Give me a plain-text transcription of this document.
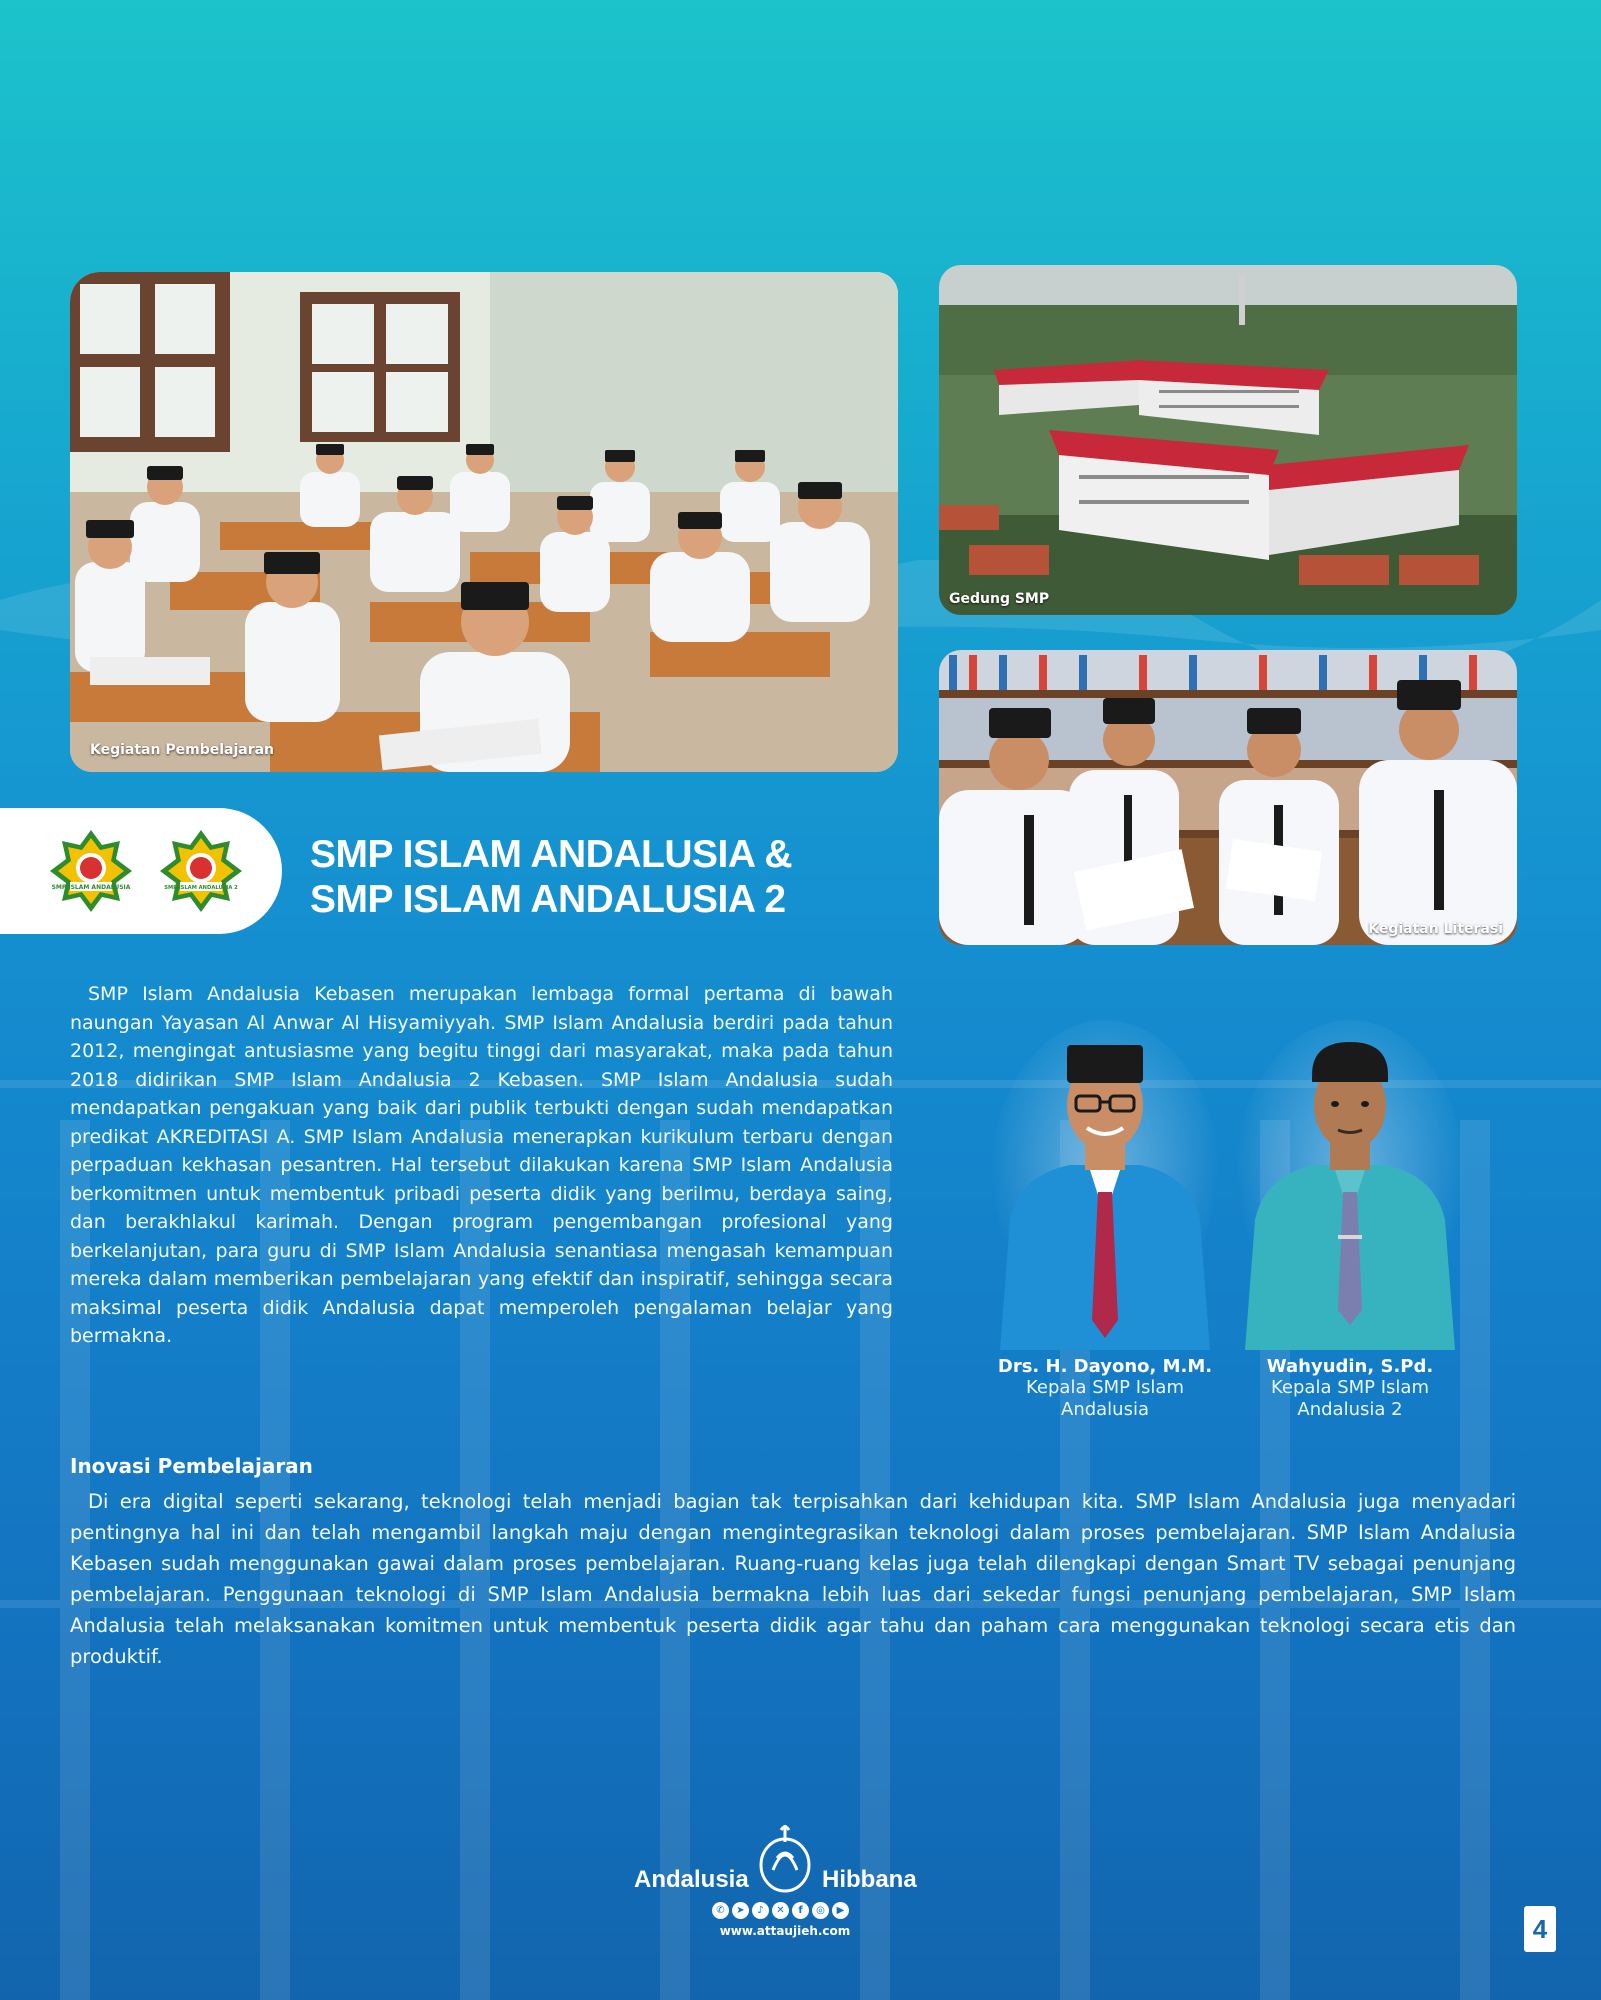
Kegiatan Pembelajaran
Gedung SMP
Kegiatan Literasi
SMP ISLAM ANDALUSIA	SMP ISLAM ANDALUSIA 2
SMP ISLAM ANDALUSIA &
SMP ISLAM ANDALUSIA 2

SMP Islam Andalusia Kebasen merupakan lembaga formal pertama di bawah naungan Yayasan Al Anwar Al Hisyamiyyah. SMP Islam Andalusia berdiri pada tahun 2012, mengingat antusiasme yang begitu tinggi dari masyarakat, maka pada tahun 2018 didirikan SMP Islam Andalusia 2 Kebasen. SMP Islam Andalusia sudah mendapatkan pengakuan yang baik dari publik terbukti dengan sudah mendapatkan predikat AKREDITASI A. SMP Islam Andalusia menerapkan kurikulum terbaru dengan perpaduan kekhasan pesantren. Hal tersebut dilakukan karena SMP Islam Andalusia berkomitmen untuk membentuk pribadi peserta didik yang berilmu, berdaya saing, dan berakhlakul karimah. Dengan program pengembangan profesional yang berkelanjutan, para guru di SMP Islam Andalusia senantiasa mengasah kemampuan mereka dalam memberikan pembelajaran yang efektif dan inspiratif, sehingga secara maksimal peserta didik Andalusia dapat memperoleh pengalaman belajar yang bermakna.

Drs. H. Dayono, M.M.
Kepala SMP Islam
Andalusia
Wahyudin, S.Pd.
Kepala SMP Islam
Andalusia 2
Inovasi Pembelajaran

Di era digital seperti sekarang, teknologi telah menjadi bagian tak terpisahkan dari kehidupan kita. SMP Islam Andalusia juga menyadari pentingnya hal ini dan telah mengambil langkah maju dengan mengintegrasikan teknologi dalam proses pembelajaran. SMP Islam Andalusia Kebasen sudah menggunakan gawai dalam proses pembelajaran. Ruang-ruang kelas juga telah dilengkapi dengan Smart TV sebagai penunjang pembelajaran. Penggunaan teknologi di SMP Islam Andalusia bermakna lebih luas dari sekedar fungsi penunjang pembelajaran, SMP Islam Andalusia telah melaksanakan komitmen untuk membentuk peserta didik agar tahu dan paham cara menggunakan teknologi secara etis dan produktif.

Andalusia	Hibbana
✆	➤	♪	✕	f	◎	▶
www.attaujieh.com	4
